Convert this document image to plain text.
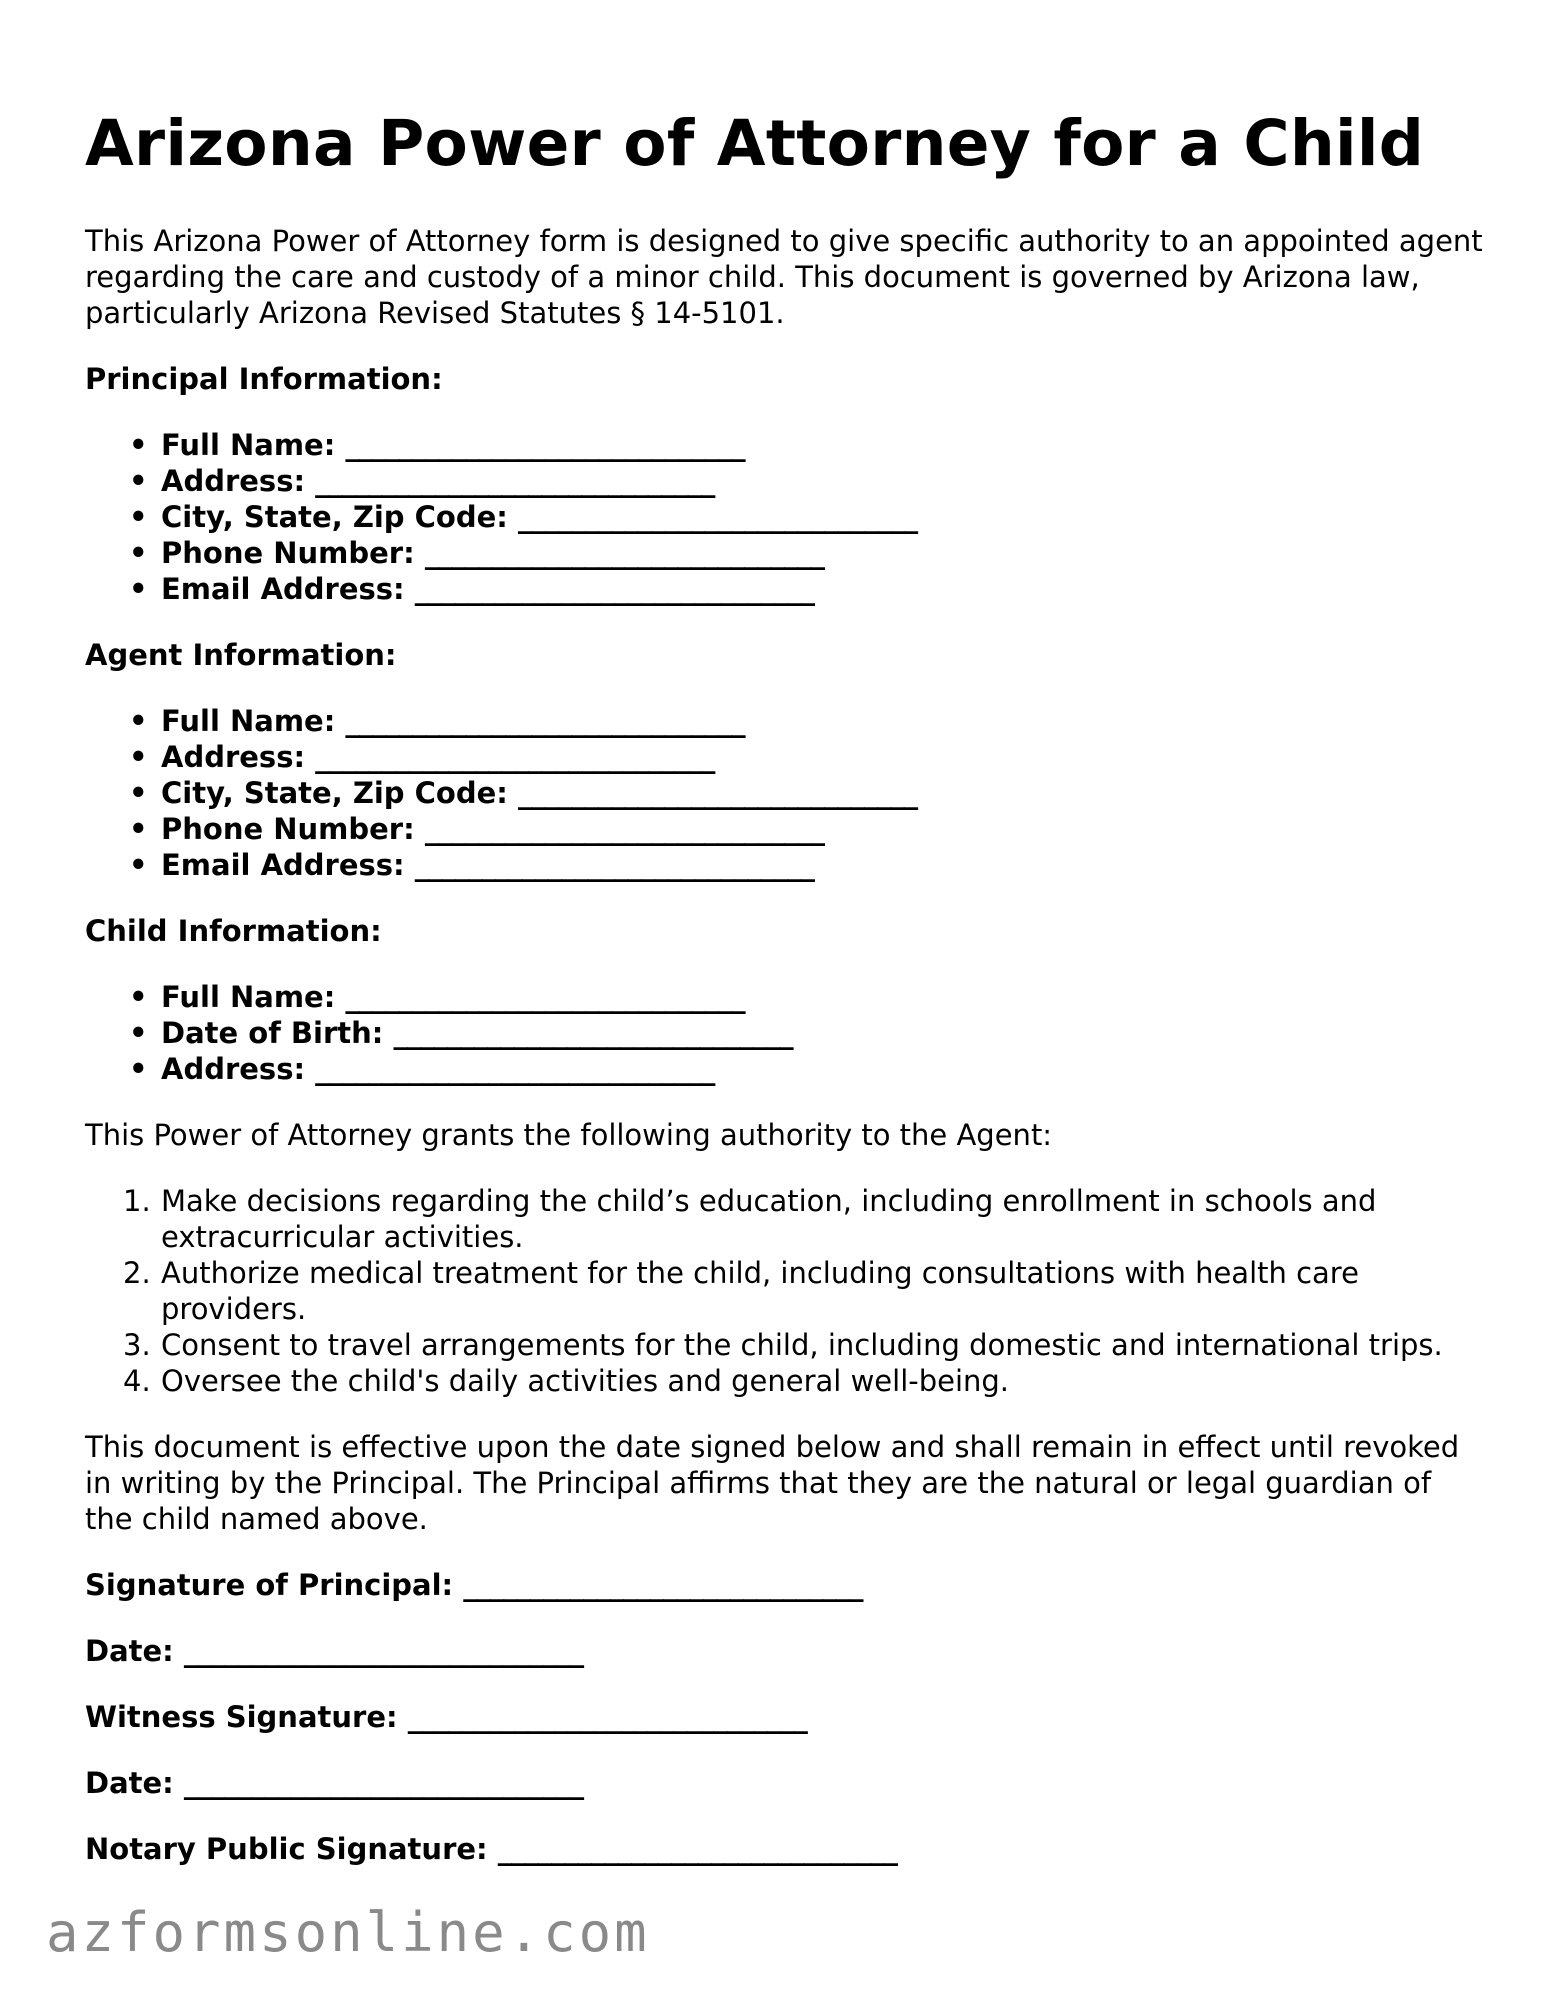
Arizona Power of Attorney for a Child

This Arizona Power of Attorney form is designed to give specific authority to an appointed agent regarding the care and custody of a minor child. This document is governed by Arizona law, particularly Arizona Revised Statutes § 14-5101.

Principal Information:
• Full Name: ______________________________
• Address: ______________________________
• City, State, Zip Code: ______________________________
• Phone Number: ______________________________
• Email Address: ______________________________
Agent Information:
• Full Name: ______________________________
• Address: ______________________________
• City, State, Zip Code: ______________________________
• Phone Number: ______________________________
• Email Address: ______________________________
Child Information:
• Full Name: ______________________________
• Date of Birth: ______________________________
• Address: ______________________________

This Power of Attorney grants the following authority to the Agent:

1. Make decisions regarding the child’s education, including enrollment in schools and extracurricular activities.
2. Authorize medical treatment for the child, including consultations with health care providers.
3. Consent to travel arrangements for the child, including domestic and international trips.
4. Oversee the child's daily activities and general well-being.

This document is effective upon the date signed below and shall remain in effect until revoked in writing by the Principal. The Principal affirms that they are the natural or legal guardian of the child named above.

Signature of Principal: ______________________________
Date: ______________________________
Witness Signature: ______________________________
Date: ______________________________
Notary Public Signature: ______________________________
azformsonline.com
